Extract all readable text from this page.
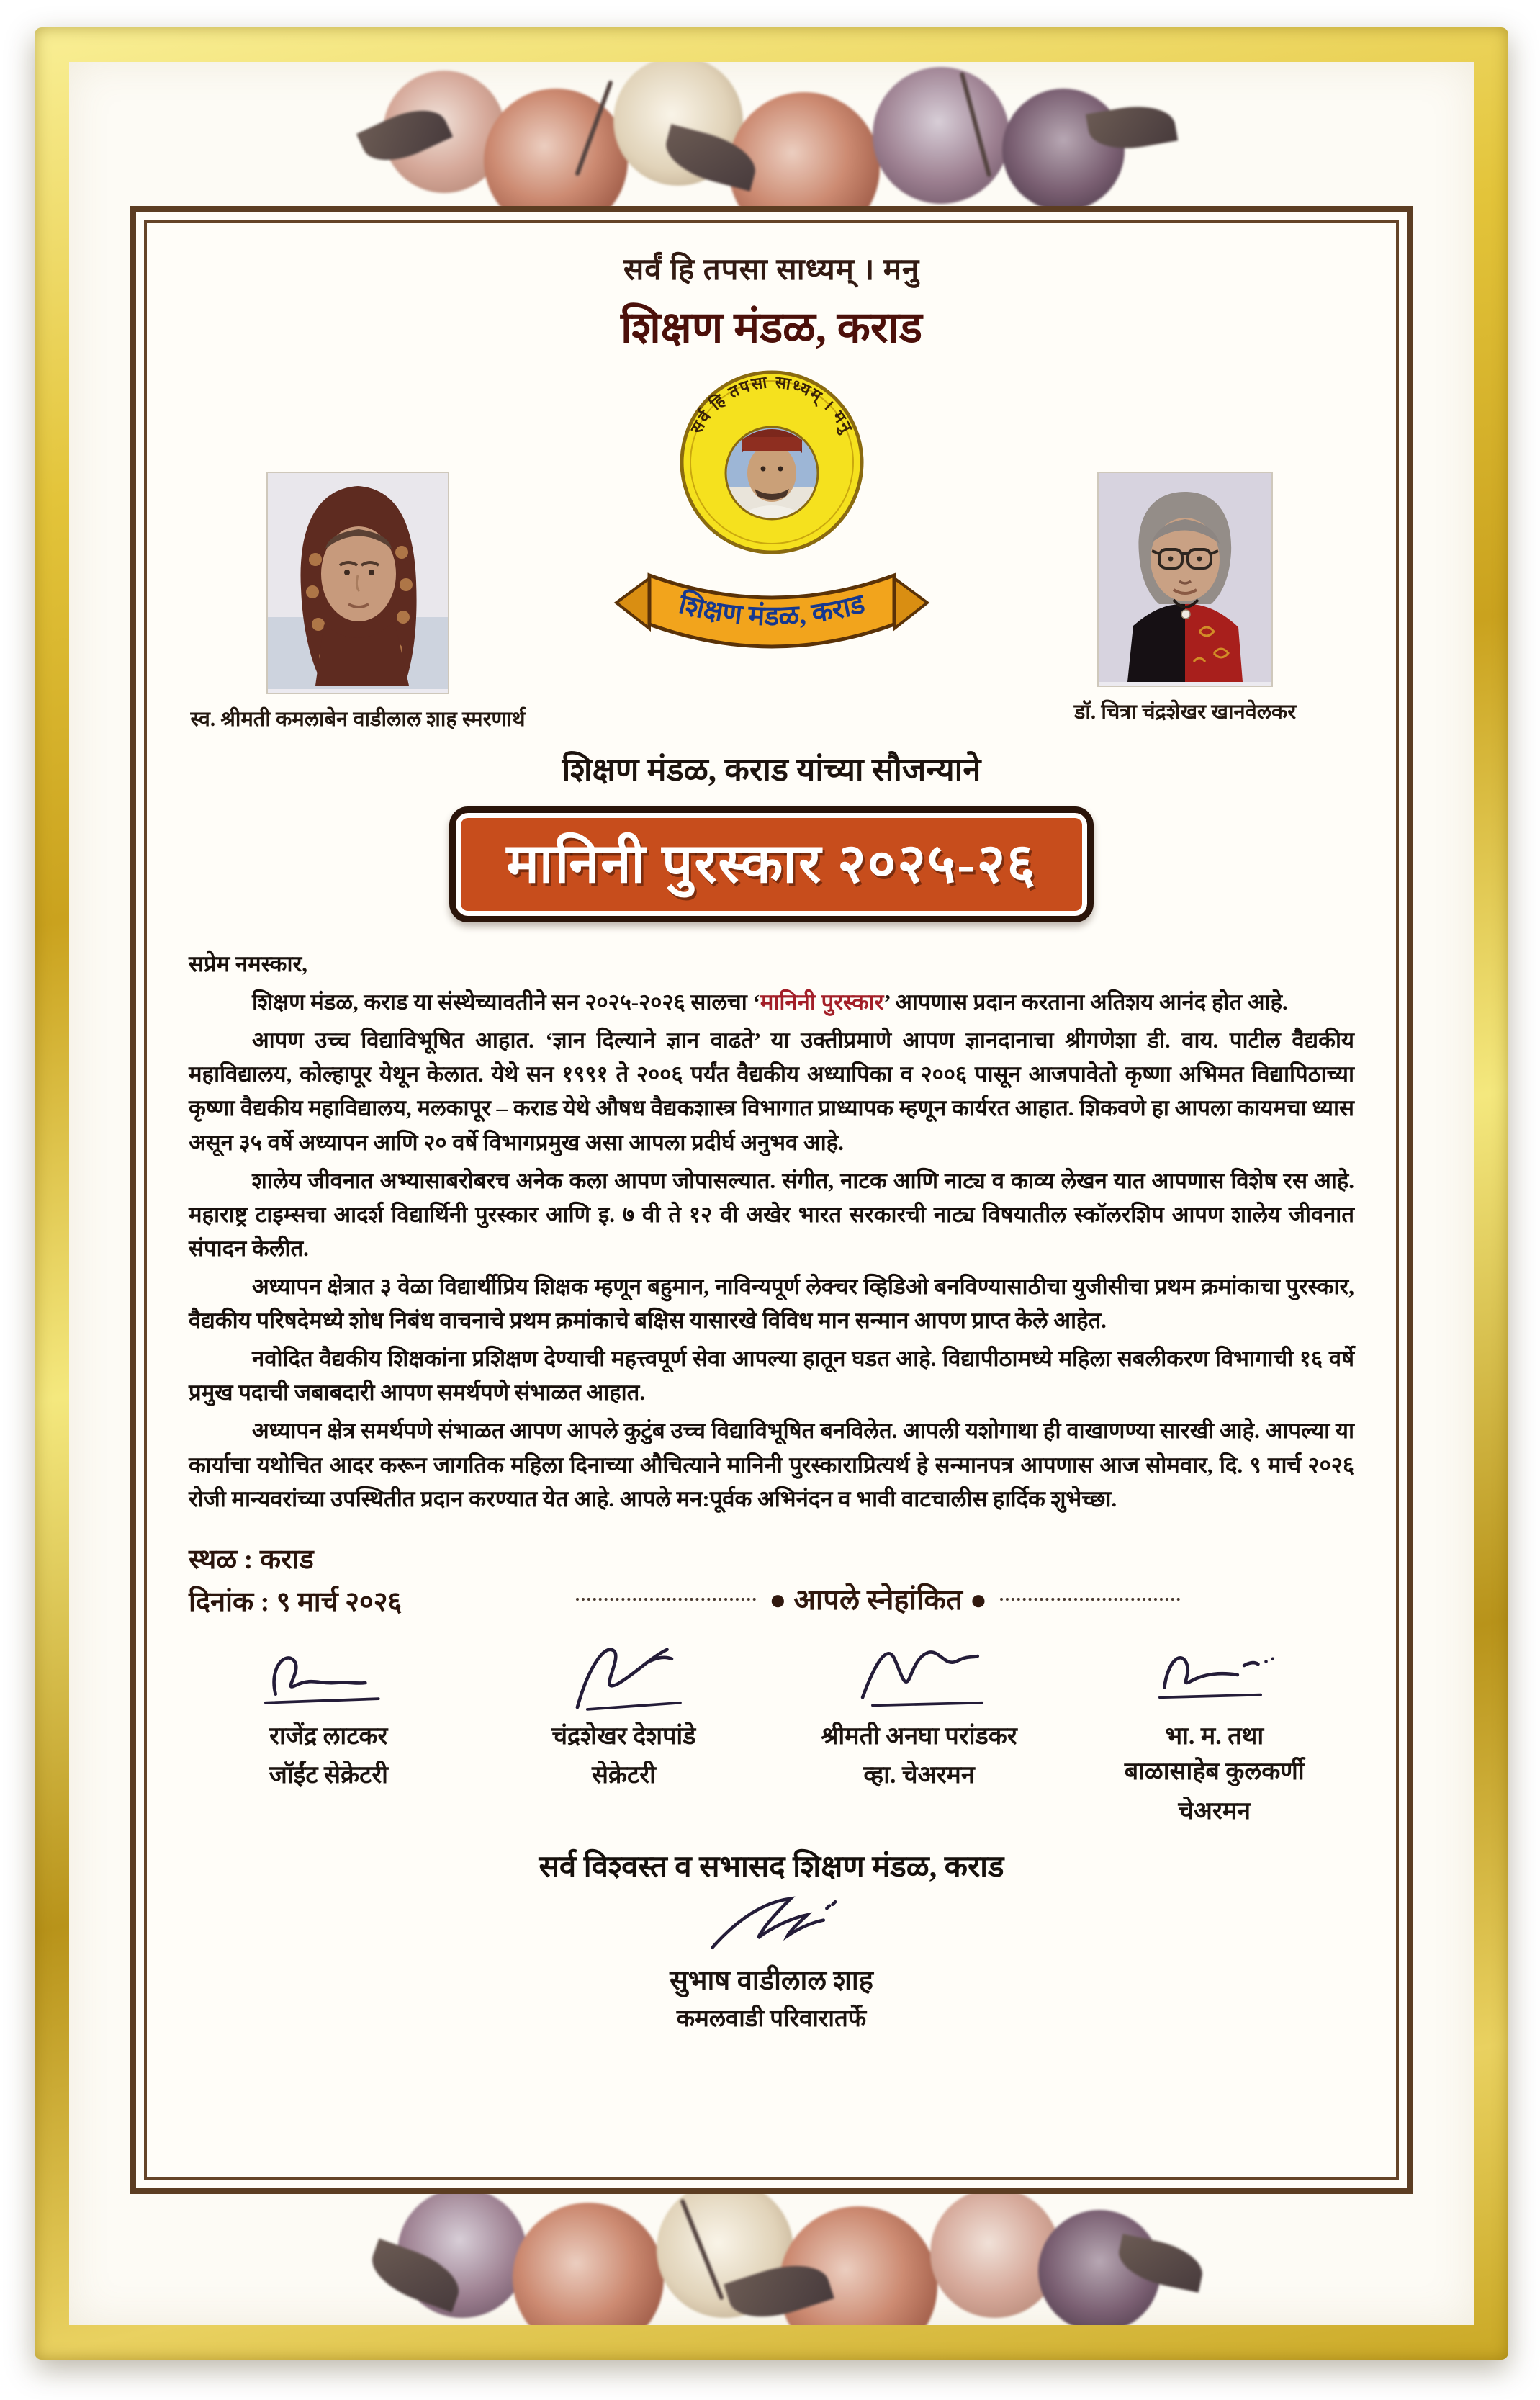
सर्वं हि तपसा साध्यम् । मनु
शिक्षण मंडळ, कराड
स्व. श्रीमती कमलाबेन वाडीलाल शाह स्मरणार्थ
सर्व हि तपसा साध्यम् । मनु
शिक्षण मंडळ, कराड
डॉ. चित्रा चंद्रशेखर खानवेलकर
शिक्षण मंडळ, कराड यांच्या सौजन्याने
मानिनी पुरस्कार २०२५-२६

सप्रेम नमस्कार,

शिक्षण मंडळ, कराड या संस्थेच्यावतीने सन २०२५-२०२६ सालचा ‘मानिनी पुरस्कार’ आपणास प्रदान करताना अतिशय आनंद होत आहे.

आपण उच्च विद्याविभूषित आहात. ‘ज्ञान दिल्याने ज्ञान वाढते’ या उक्तीप्रमाणे आपण ज्ञानदानाचा श्रीगणेशा डी. वाय. पाटील वैद्यकीय महाविद्यालय, कोल्हापूर येथून केलात. येथे सन १९९१ ते २००६ पर्यंत वैद्यकीय अध्यापिका व २००६ पासून आजपावेतो कृष्णा अभिमत विद्यापिठाच्या कृष्णा वैद्यकीय महाविद्यालय, मलकापूर – कराड येथे औषध वैद्यकशास्त्र विभागात प्राध्यापक म्हणून कार्यरत आहात. शिकवणे हा आपला कायमचा ध्यास असून ३५ वर्षे अध्यापन आणि २० वर्षे विभागप्रमुख असा आपला प्रदीर्घ अनुभव आहे.

शालेय जीवनात अभ्यासाबरोबरच अनेक कला आपण जोपासल्यात. संगीत, नाटक आणि नाट्य व काव्य लेखन यात आपणास विशेष रस आहे. महाराष्ट्र टाइम्सचा आदर्श विद्यार्थिनी पुरस्कार आणि इ. ७ वी ते १२ वी अखेर भारत सरकारची नाट्य विषयातील स्कॉलरशिप आपण शालेय जीवनात संपादन केलीत.

अध्यापन क्षेत्रात ३ वेळा विद्यार्थीप्रिय शिक्षक म्हणून बहुमान, नाविन्यपूर्ण लेक्चर व्हिडिओ बनविण्यासाठीचा युजीसीचा प्रथम क्रमांकाचा पुरस्कार, वैद्यकीय परिषदेमध्ये शोध निबंध वाचनाचे प्रथम क्रमांकाचे बक्षिस यासारखे विविध मान सन्मान आपण प्राप्त केले आहेत.

नवोदित वैद्यकीय शिक्षकांना प्रशिक्षण देण्याची महत्त्वपूर्ण सेवा आपल्या हातून घडत आहे. विद्यापीठामध्ये महिला सबलीकरण विभागाची १६ वर्षे प्रमुख पदाची जबाबदारी आपण समर्थपणे संभाळत आहात.

अध्यापन क्षेत्र समर्थपणे संभाळत आपण आपले कुटुंब उच्च विद्याविभूषित बनविलेत. आपली यशोगाथा ही वाखाणण्या सारखी आहे. आपल्या या कार्याचा यथोचित आदर करून जागतिक महिला दिनाच्या औचित्याने मानिनी पुरस्काराप्रित्यर्थ हे सन्मानपत्र आपणास आज सोमवार, दि. ९ मार्च २०२६ रोजी मान्यवरांच्या उपस्थितीत प्रदान करण्यात येत आहे. आपले मन:पूर्वक अभिनंदन व भावी वाटचालीस हार्दिक शुभेच्छा.

स्थळ : कराड
दिनांक : ९ मार्च २०२६	● आपले स्नेहांकित ●
राजेंद्र लाटकर
जॉईंट सेक्रेटरी
चंद्रशेखर देशपांडे
सेक्रेटरी
श्रीमती अनघा परांडकर
व्हा. चेअरमन
भा. म. तथा
बाळासाहेब कुलकर्णी
चेअरमन
सर्व विश्वस्त व सभासद शिक्षण मंडळ, कराड
सुभाष वाडीलाल शाह
कमलवाडी परिवारातर्फे
